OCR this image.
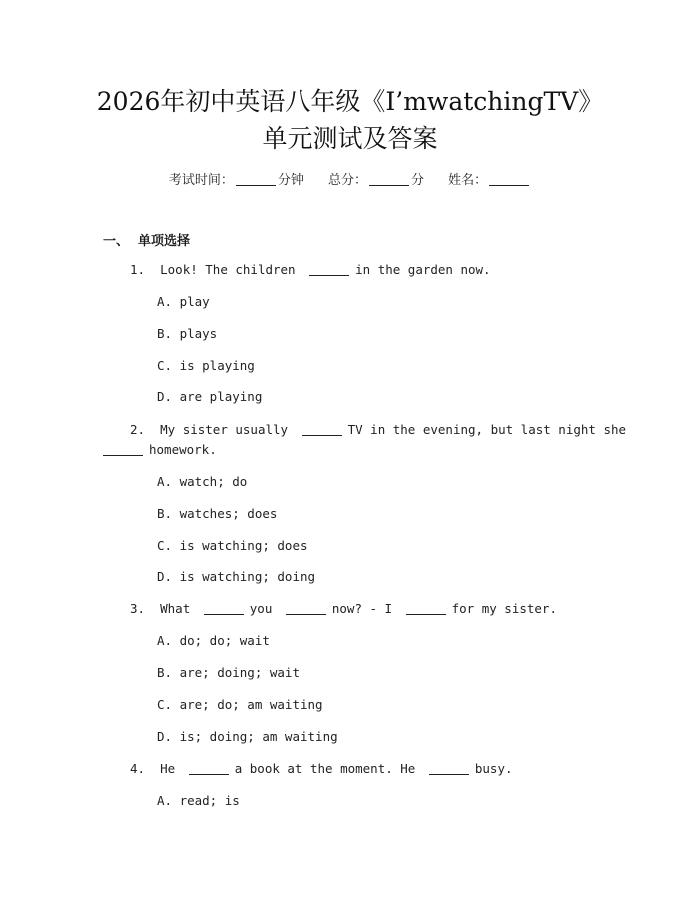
2026年初中英语八年级《I’mwatchingTV》
单元测试及答案
考试时间：	分钟 总分：	分 姓名：
一、 单项选择
1. Look! The children	in the garden now.
A. play
B. plays
C. is playing
D. are playing
2. My sister usually	TV in the evening, but last night she
homework.
A. watch; do
B. watches; does
C. is watching; does
D. is watching; doing
3. What	you	now? - I	for my sister.
A. do; do; wait
B. are; doing; wait
C. are; do; am waiting
D. is; doing; am waiting
4. He	a book at the moment. He	busy.
A. read; is
